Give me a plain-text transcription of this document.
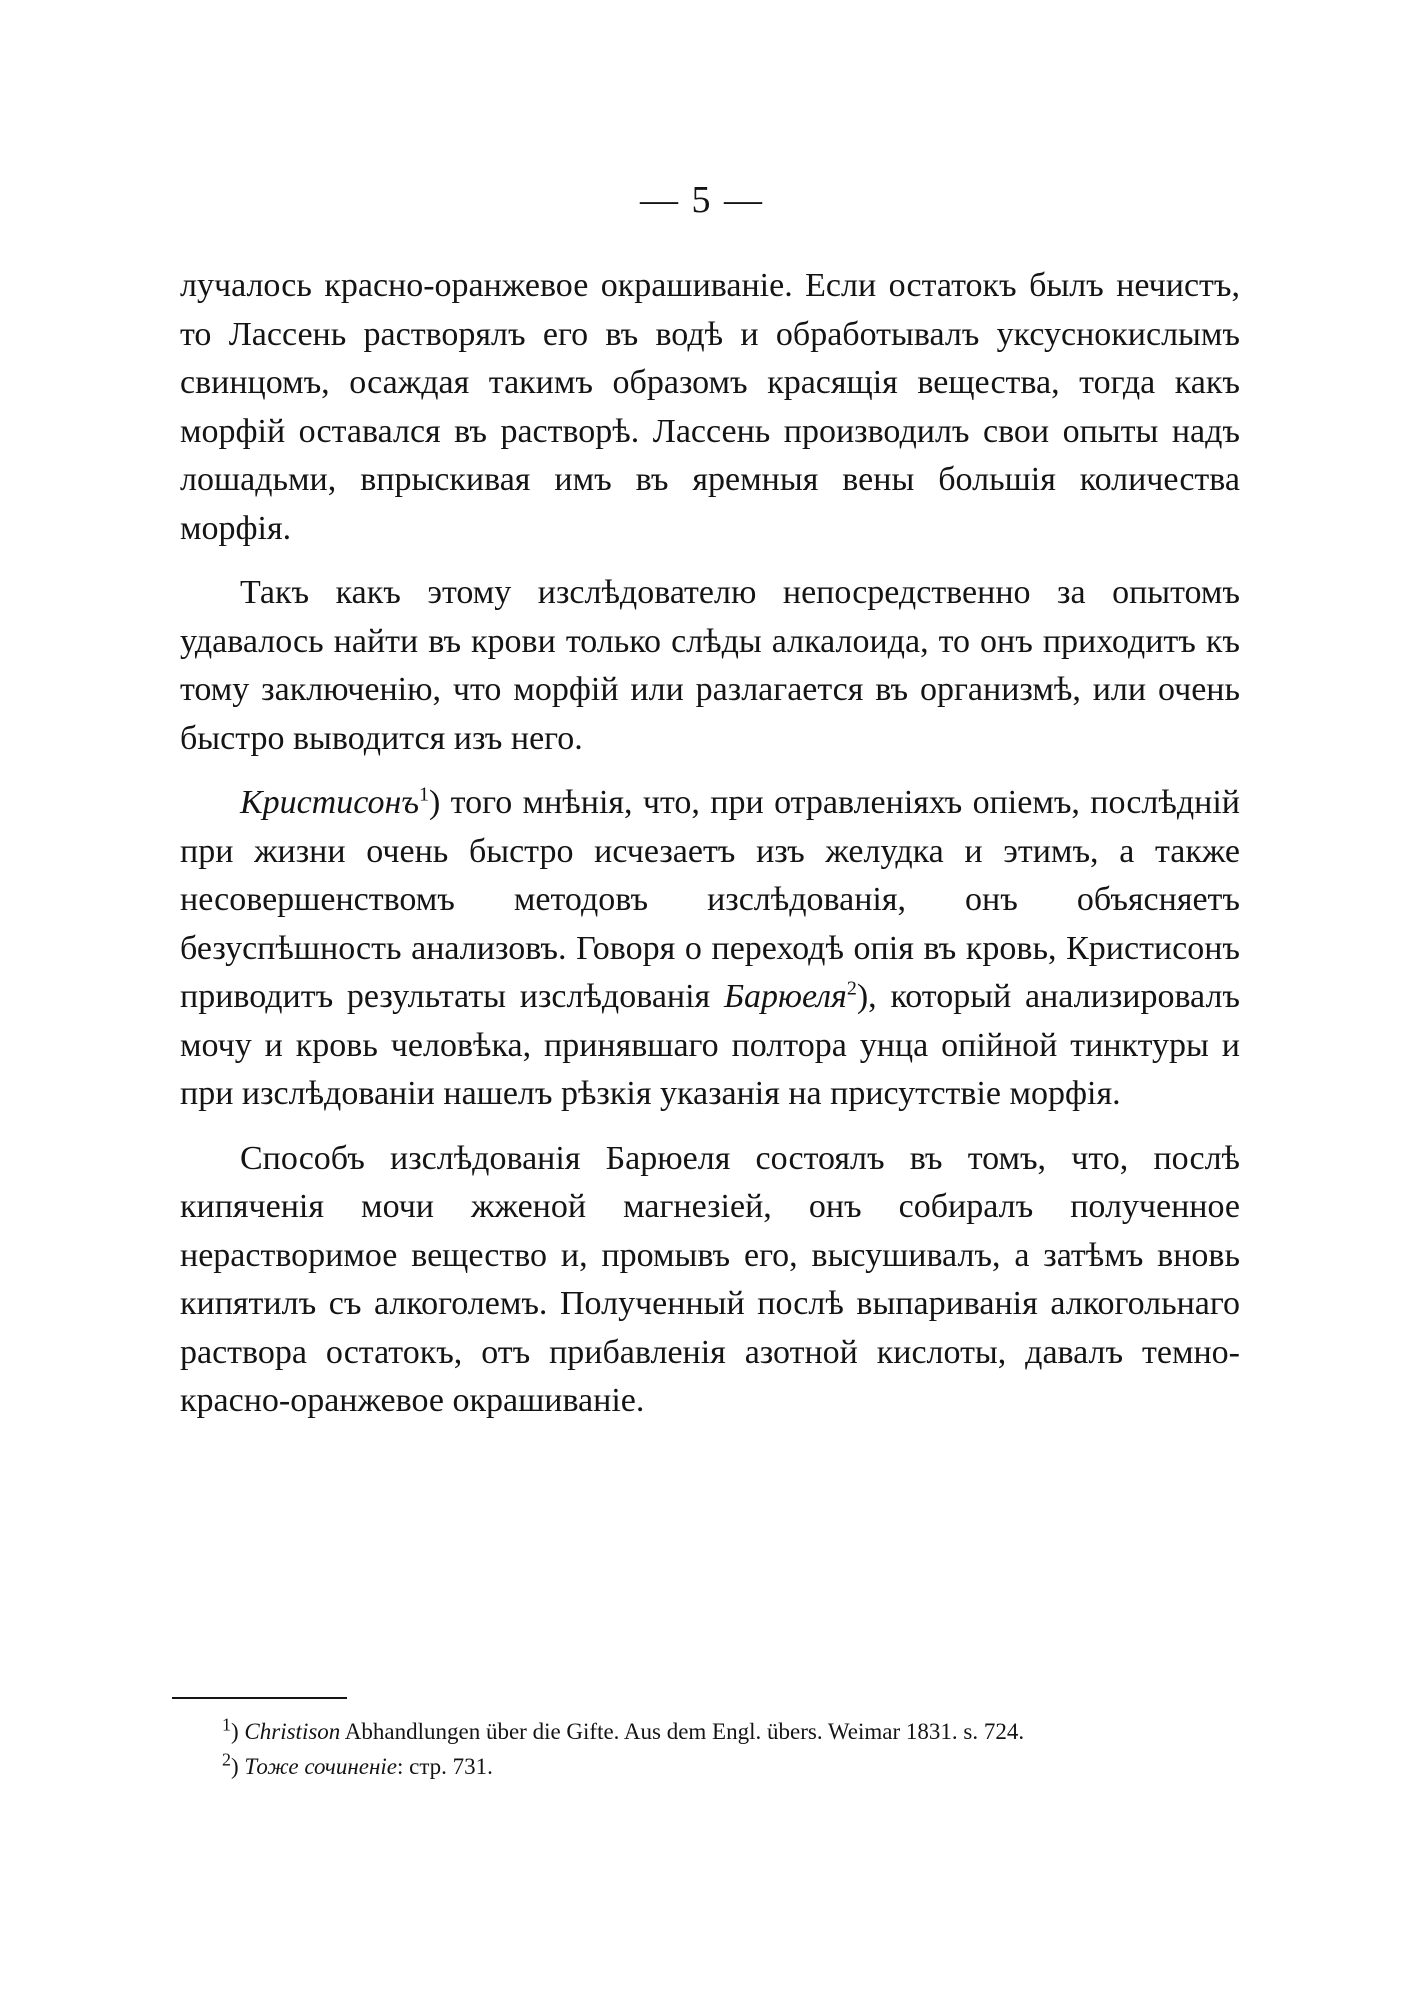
— 5 —

лучалось красно-оранжевое окрашиваніе. Если остатокъ былъ нечистъ, то Лассень растворялъ его въ водѣ и обработывалъ уксуснокислымъ свинцомъ, осаждая такимъ образомъ красящія вещества, тогда какъ морфій оставался въ растворѣ. Лассень производилъ свои опыты надъ лошадьми, впрыскивая имъ въ яремныя вены большія количества морфія.

Такъ какъ этому изслѣдователю непосредственно за опытомъ удавалось найти въ крови только слѣды алкалоида, то онъ приходитъ къ тому заключенію, что морфій или разлагается въ организмѣ, или очень быстро выводится изъ него.

Кристисонъ$^1$) того мнѣнія, что, при отравленіяхъ опіемъ, послѣдній при жизни очень быстро исчезаетъ изъ желудка и этимъ, а также несовершенствомъ методовъ изслѣдованія, онъ объясняетъ безуспѣшность анализовъ. Говоря о переходѣ опія въ кровь, Кристисонъ приводитъ результаты изслѣдованія Барюеля$^2$), который анализировалъ мочу и кровь человѣка, принявшаго полтора унца опійной тинктуры и при изслѣдованіи нашелъ рѣзкія указанія на присутствіе морфія.

Способъ изслѣдованія Барюеля состоялъ въ томъ, что, послѣ кипяченія мочи жженой магнезіей, онъ собиралъ полученное нерастворимое вещество и, промывъ его, высушивалъ, а затѣмъ вновь кипятилъ съ алкоголемъ. Полученный послѣ выпариванія алкогольнаго раствора остатокъ, отъ прибавленія азотной кислоты, давалъ темно-красно-оранжевое окрашиваніе.

$^1$) Christison Abhandlungen über die Gifte. Aus dem Engl. übers. Weimar 1831. s. 724.

$^2$) Тоже сочиненіе: стр. 731.
